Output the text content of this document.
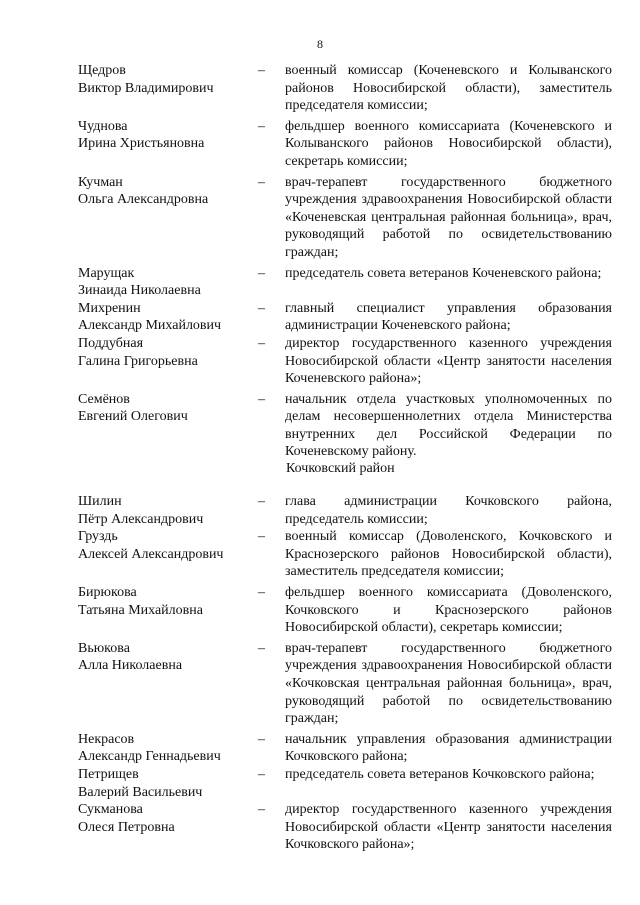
8
Щедров
Виктор Владимирович
–	военный комиссар (Коченевского и Колыванского районов Новосибирской области), заместитель председателя комиссии;
Чуднова
Ирина Христьяновна
–	фельдшер военного комиссариата (Коченевского и Колыванского районов Новосибирской области), секретарь комиссии;
Кучман
Ольга Александровна
–	врач-терапевт государственного бюджетного учреждения здравоохранения Новосибирской области «Коченевская центральная районная больница», врач, руководящий работой по освидетельствованию граждан;
Марущак
Зинаида Николаевна
–	председатель совета ветеранов Коченевского района;
Михренин
Александр Михайлович
–	главный специалист управления образования администрации Коченевского района;
Поддубная
Галина Григорьевна
–	директор государственного казенного учреждения Новосибирской области «Центр занятости населения Коченевского района»;
Семёнов
Евгений Олегович
–	начальник отдела участковых уполномоченных по делам несовершеннолетних отдела Министерства внутренних дел Российской Федерации по Коченевскому району.
Кочковский район
Шилин
Пётр Александрович
–	глава администрации Кочковского района, председатель комиссии;
Груздь
Алексей Александрович
–	военный комиссар (Доволенского, Кочковского и Краснозерского районов Новосибирской области), заместитель председателя комиссии;
Бирюкова
Татьяна Михайловна
–	фельдшер военного комиссариата (Доволенского, Кочковского и Краснозерского районов Новосибирской области), секретарь комиссии;
Вьюкова
Алла Николаевна
–	врач-терапевт государственного бюджетного учреждения здравоохранения Новосибирской области «Кочковская центральная районная больница», врач, руководящий работой по освидетельствованию граждан;
Некрасов
Александр Геннадьевич
–	начальник управления образования администрации Кочковского района;
Петрищев
Валерий Васильевич
–	председатель совета ветеранов Кочковского района;
Сукманова
Олеся Петровна
–	директор государственного казенного учреждения Новосибирской области «Центр занятости населения Кочковского района»;
